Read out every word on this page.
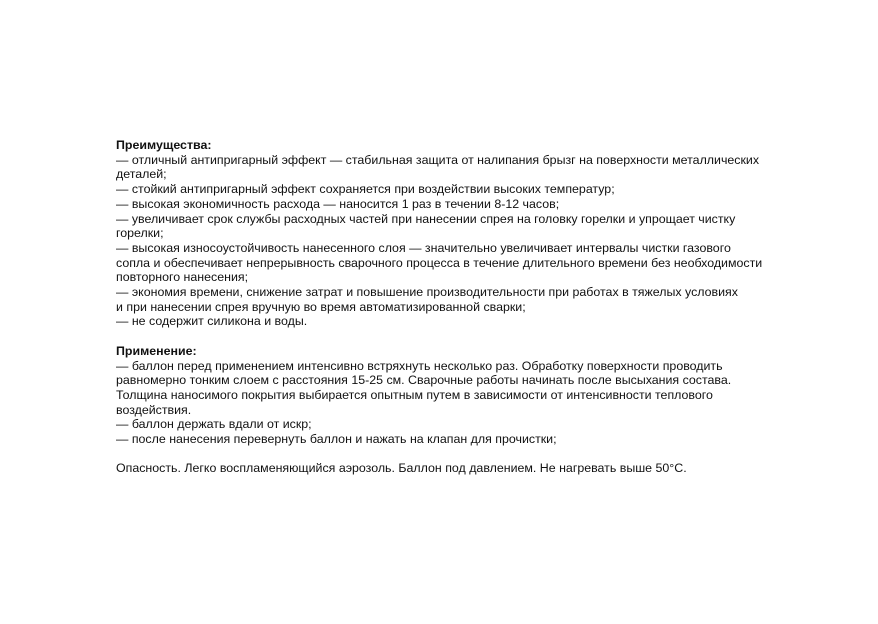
Преимущества:

— отличный антипригарный эффект — стабильная защита от налипания брызг на поверхности металлических

деталей;

— стойкий антипригарный эффект сохраняется при воздействии высоких температур;

— высокая экономичность расхода — наносится 1 раз в течении 8-12 часов;

— увеличивает срок службы расходных частей при нанесении спрея на головку горелки и упрощает чистку

горелки;

— высокая износоустойчивость нанесенного слоя — значительно увеличивает интервалы чистки газового

сопла и обеспечивает непрерывность сварочного процесса в течение длительного времени без необходимости

повторного нанесения;

— экономия времени, снижение затрат и повышение производительности при работах в тяжелых условиях

и при нанесении спрея вручную во время автоматизированной сварки;

— не содержит силикона и воды.

Применение:

— баллон перед применением интенсивно встряхнуть несколько раз. Обработку поверхности проводить

равномерно тонким слоем с расстояния 15-25 см. Сварочные работы начинать после высыхания состава.

Толщина наносимого покрытия выбирается опытным путем в зависимости от интенсивности теплового

воздействия.

— баллон держать вдали от искр;

— после нанесения перевернуть баллон и нажать на клапан для прочистки;

Опасность. Легко воспламеняющийся аэрозоль. Баллон под давлением. Не нагревать выше 50°C.
